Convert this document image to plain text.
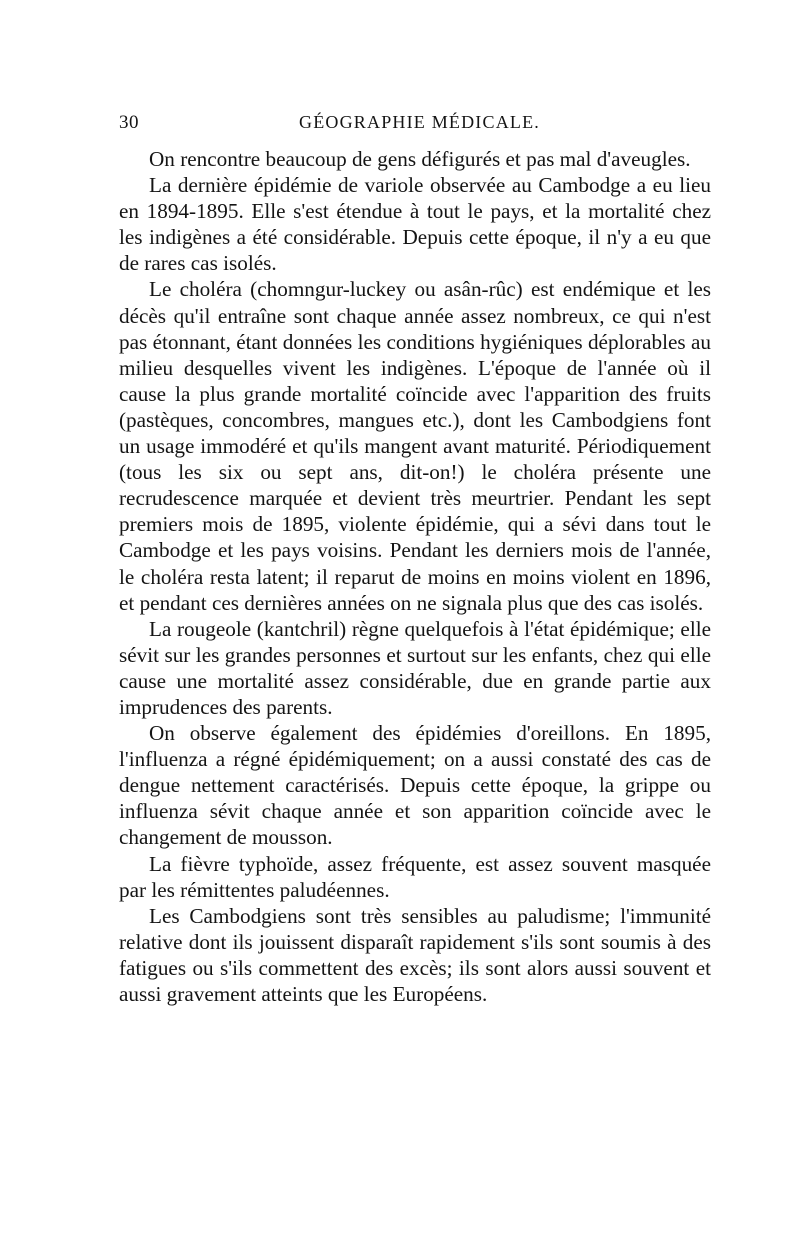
30	GÉOGRAPHIE MÉDICALE.

On rencontre beaucoup de gens défigurés et pas mal d'aveugles.

La dernière épidémie de variole observée au Cambodge a eu lieu en 1894-1895. Elle s'est étendue à tout le pays, et la mortalité chez les indigènes a été considérable. Depuis cette époque, il n'y a eu que de rares cas isolés.

Le choléra (chomngur-luckey ou asân-rûc) est endémique et les décès qu'il entraîne sont chaque année assez nombreux, ce qui n'est pas étonnant, étant données les conditions hygiéniques déplorables au milieu desquelles vivent les indigènes. L'époque de l'année où il cause la plus grande mortalité coïncide avec l'apparition des fruits (pastèques, concombres, mangues etc.), dont les Cambodgiens font un usage immodéré et qu'ils mangent avant maturité. Périodiquement (tous les six ou sept ans, dit-on!) le choléra présente une recrudescence marquée et devient très meurtrier. Pendant les sept premiers mois de 1895, violente épidémie, qui a sévi dans tout le Cambodge et les pays voisins. Pendant les derniers mois de l'année, le choléra resta latent; il reparut de moins en moins violent en 1896, et pendant ces dernières années on ne signala plus que des cas isolés.

La rougeole (kantchril) règne quelquefois à l'état épidémique; elle sévit sur les grandes personnes et surtout sur les enfants, chez qui elle cause une mortalité assez considérable, due en grande partie aux imprudences des parents.

On observe également des épidémies d'oreillons. En 1895, l'influenza a régné épidémiquement; on a aussi constaté des cas de dengue nettement caractérisés. Depuis cette époque, la grippe ou influenza sévit chaque année et son apparition coïncide avec le changement de mousson.

La fièvre typhoïde, assez fréquente, est assez souvent masquée par les rémittentes paludéennes.

Les Cambodgiens sont très sensibles au paludisme; l'immunité relative dont ils jouissent disparaît rapidement s'ils sont soumis à des fatigues ou s'ils commettent des excès; ils sont alors aussi souvent et aussi gravement atteints que les Européens.
